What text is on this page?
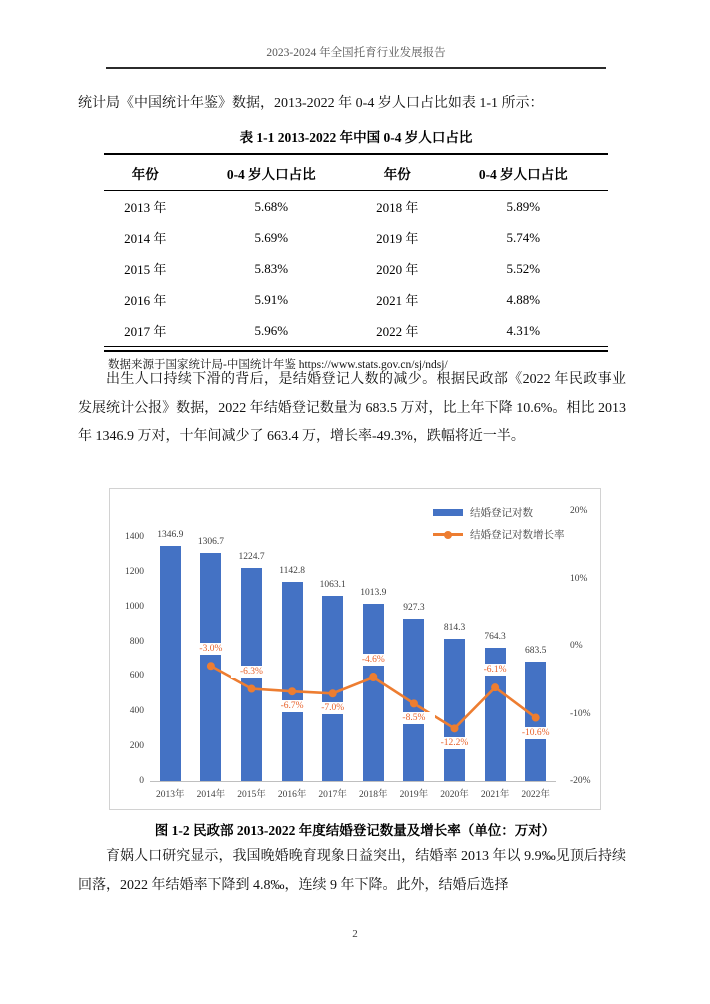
2023-2024 年全国托育行业发展报告
统计局《中国统计年鉴》数据，2013-2022 年 0-4 岁人口占比如表 1-1 所示：
表 1-1 2013-2022 年中国 0-4 岁人口占比
年份	0-4 岁人口占比	年份	0-4 岁人口占比
2013 年	5.68%	2018 年	5.89%
2014 年	5.69%	2019 年	5.74%
2015 年	5.83%	2020 年	5.52%
2016 年	5.91%	2021 年	4.88%
2017 年	5.96%	2022 年	4.31%
数据来源于国家统计局-中国统计年鉴 https://www.stats.gov.cn/sj/ndsj/
出生人口持续下滑的背后，是结婚登记人数的减少。根据民政部《2022 年民政事业发展统计公报》数据，2022 年结婚登记数量为 683.5 万对，比上年下降 10.6%。相比 2013 年 1346.9 万对，十年间减少了 663.4 万，增长率-49.3%，跌幅将近一半。
1400
1200
1000
800
600
400
200
0
20%
10%
0%
-10%
-20%
2013年	2014年	2015年	2016年	2017年	2018年	2019年	2020年	2021年	2022年
1346.9
1306.7
1224.7
1142.8
1063.1
1013.9
927.3
814.3
764.3
683.5
-3.0%
-6.3%
-6.7%	-7.0%
-4.6%
-8.5%
-12.2%
-6.1%
-10.6%
结婚登记对数
结婚登记对数增长率
图 1-2 民政部 2013-2022 年度结婚登记数量及增长率（单位：万对）
育娲人口研究显示，我国晚婚晚育现象日益突出，结婚率 2013 年以 9.9‰见顶后持续回落，2022 年结婚率下降到 4.8‰，连续 9 年下降。此外，结婚后选择
2
